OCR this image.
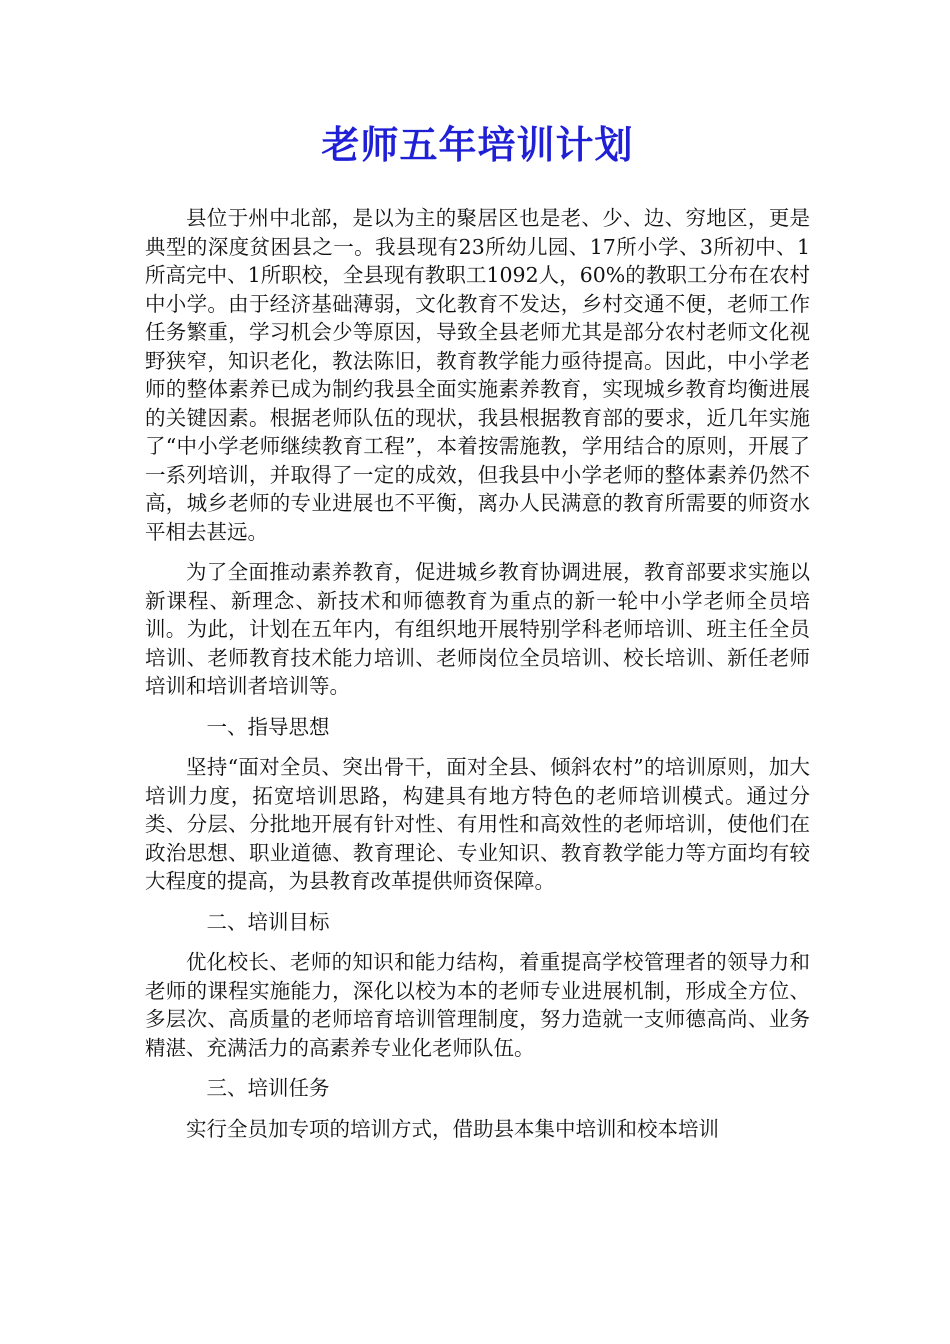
老师五年培训计划

县位于州中北部，是以为主的聚居区也是老、少、边、穷地区，更是典型的深度贫困县之一。我县现有23所幼儿园、17所小学、3所初中、1所高完中、1所职校，全县现有教职工1092人，60%的教职工分布在农村中小学。由于经济基础薄弱，文化教育不发达，乡村交通不便，老师工作任务繁重，学习机会少等原因，导致全县老师尤其是部分农村老师文化视野狭窄，知识老化，教法陈旧，教育教学能力亟待提高。因此，中小学老师的整体素养已成为制约我县全面实施素养教育，实现城乡教育均衡进展的关键因素。根据老师队伍的现状，我县根据教育部的要求，近几年实施了“中小学老师继续教育工程”，本着按需施教，学用结合的原则，开展了一系列培训，并取得了一定的成效，但我县中小学老师的整体素养仍然不高，城乡老师的专业进展也不平衡，离办人民满意的教育所需要的师资水平相去甚远。

为了全面推动素养教育，促进城乡教育协调进展，教育部要求实施以新课程、新理念、新技术和师德教育为重点的新一轮中小学老师全员培训。为此，计划在五年内，有组织地开展特别学科老师培训、班主任全员培训、老师教育技术能力培训、老师岗位全员培训、校长培训、新任老师培训和培训者培训等。

一、指导思想

坚持“面对全员、突出骨干，面对全县、倾斜农村”的培训原则，加大培训力度，拓宽培训思路，构建具有地方特色的老师培训模式。通过分类、分层、分批地开展有针对性、有用性和高效性的老师培训，使他们在政治思想、职业道德、教育理论、专业知识、教育教学能力等方面均有较大程度的提高，为县教育改革提供师资保障。

二、培训目标

优化校长、老师的知识和能力结构，着重提高学校管理者的领导力和老师的课程实施能力，深化以校为本的老师专业进展机制，形成全方位、多层次、高质量的老师培育培训管理制度，努力造就一支师德高尚、业务精湛、充满活力的高素养专业化老师队伍。

三、培训任务

实行全员加专项的培训方式，借助县本集中培训和校本培训
